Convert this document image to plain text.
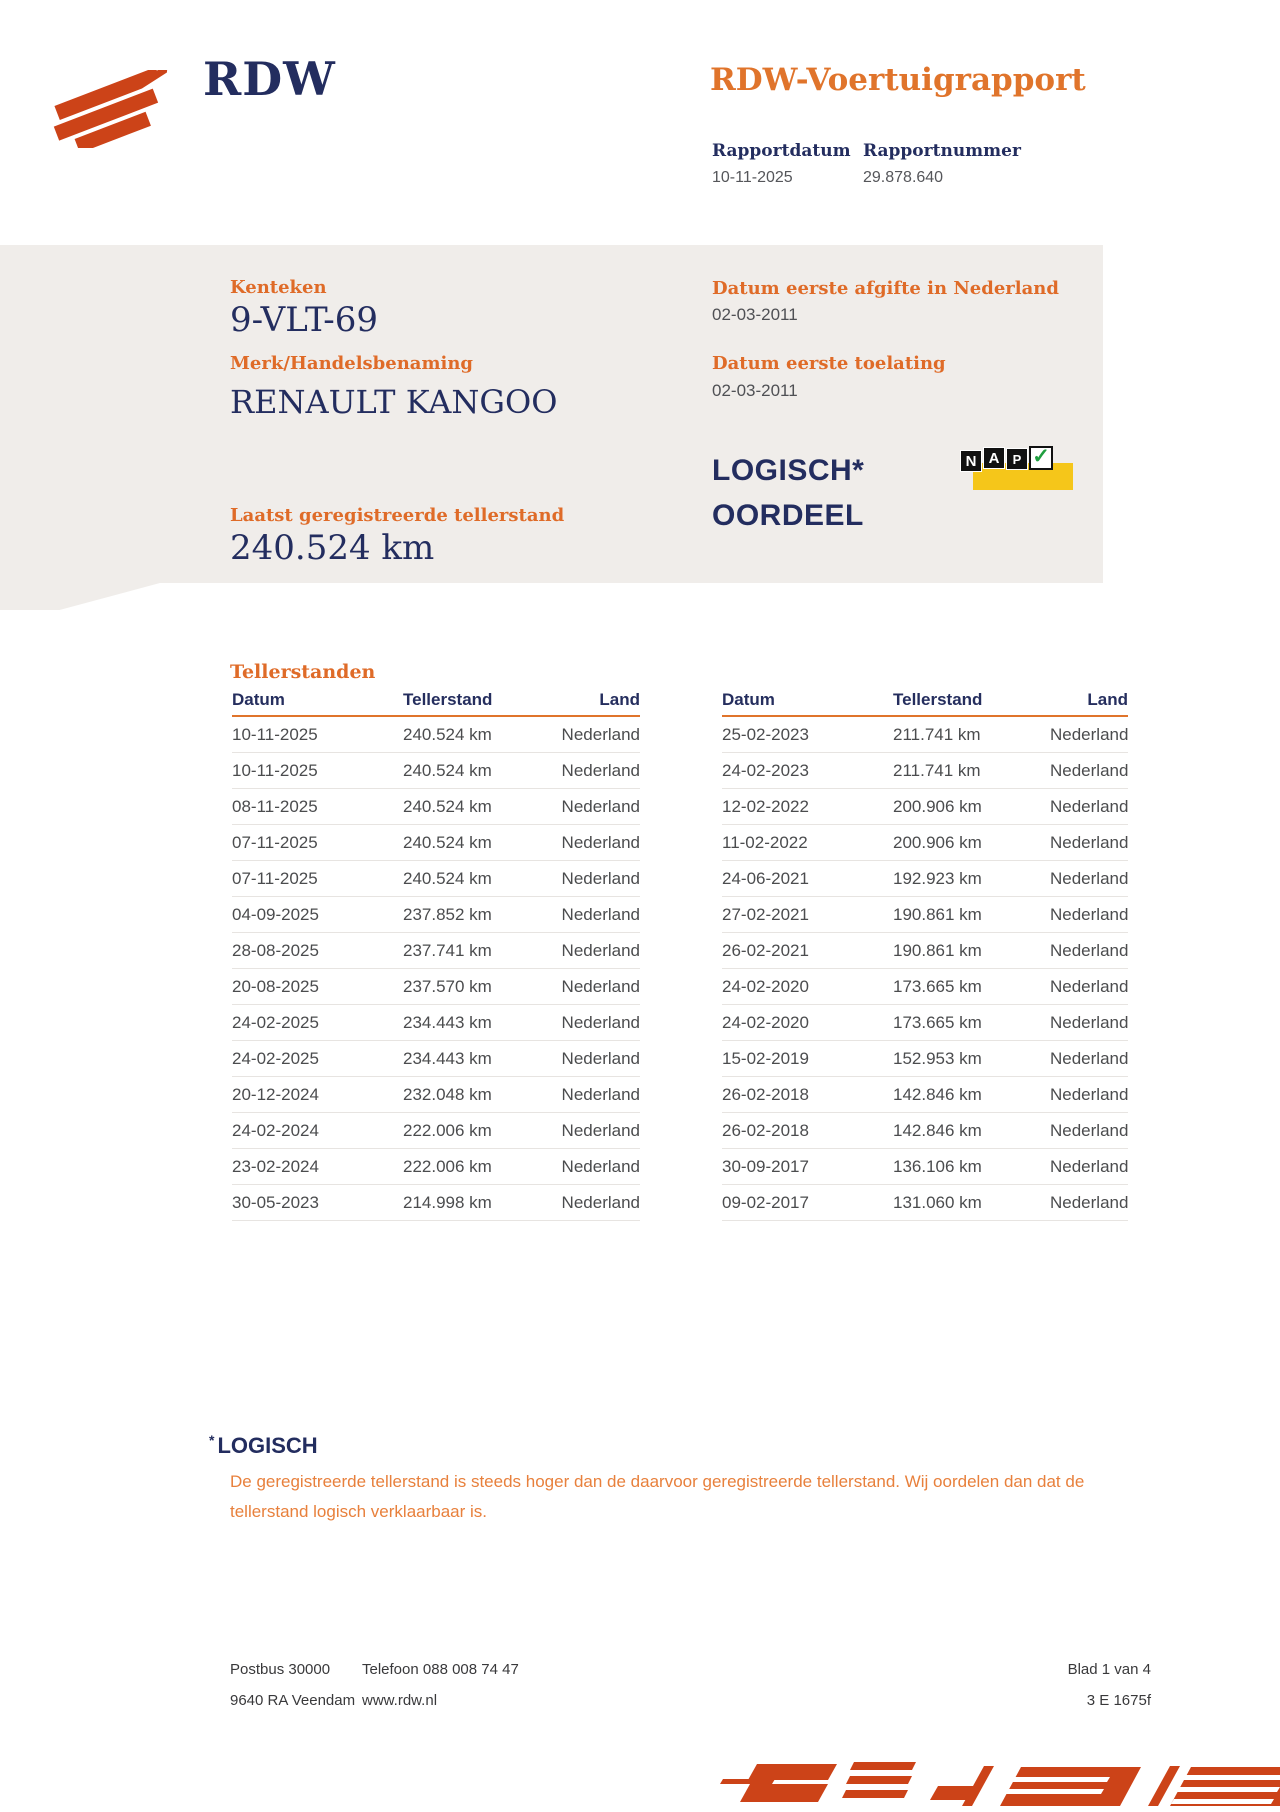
RDW	RDW-Voertuigrapport
Rapportdatum
10-11-2025
Rapportnummer
29.878.640
Kenteken
9-VLT-69
Merk/Handelsbenaming
RENAULT KANGOO
Laatst geregistreerde tellerstand
240.524 km
Datum eerste afgifte in Nederland
02-03-2011
Datum eerste toelating
02-03-2011
LOGISCH*
OORDEEL
N A	P ✓
Tellerstanden
Datum	Tellerstand	Land
10-11-2025	240.524 km	Nederland
10-11-2025	240.524 km	Nederland
08-11-2025	240.524 km	Nederland
07-11-2025	240.524 km	Nederland
07-11-2025	240.524 km	Nederland
04-09-2025	237.852 km	Nederland
28-08-2025	237.741 km	Nederland
20-08-2025	237.570 km	Nederland
24-02-2025	234.443 km	Nederland
24-02-2025	234.443 km	Nederland
20-12-2024	232.048 km	Nederland
24-02-2024	222.006 km	Nederland
23-02-2024	222.006 km	Nederland
30-05-2023	214.998 km	Nederland
Datum	Tellerstand	Land
25-02-2023	211.741 km	Nederland
24-02-2023	211.741 km	Nederland
12-02-2022	200.906 km	Nederland
11-02-2022	200.906 km	Nederland
24-06-2021	192.923 km	Nederland
27-02-2021	190.861 km	Nederland
26-02-2021	190.861 km	Nederland
24-02-2020	173.665 km	Nederland
24-02-2020	173.665 km	Nederland
15-02-2019	152.953 km	Nederland
26-02-2018	142.846 km	Nederland
26-02-2018	142.846 km	Nederland
30-09-2017	136.106 km	Nederland
09-02-2017	131.060 km	Nederland
* LOGISCH
De geregistreerde tellerstand is steeds hoger dan de daarvoor geregistreerde tellerstand. Wij oordelen dan dat de tellerstand logisch verklaarbaar is.
Postbus 30000
9640 RA Veendam
Telefoon 088 008 74 47
www.rdw.nl
Blad 1 van 4
3 E 1675f
